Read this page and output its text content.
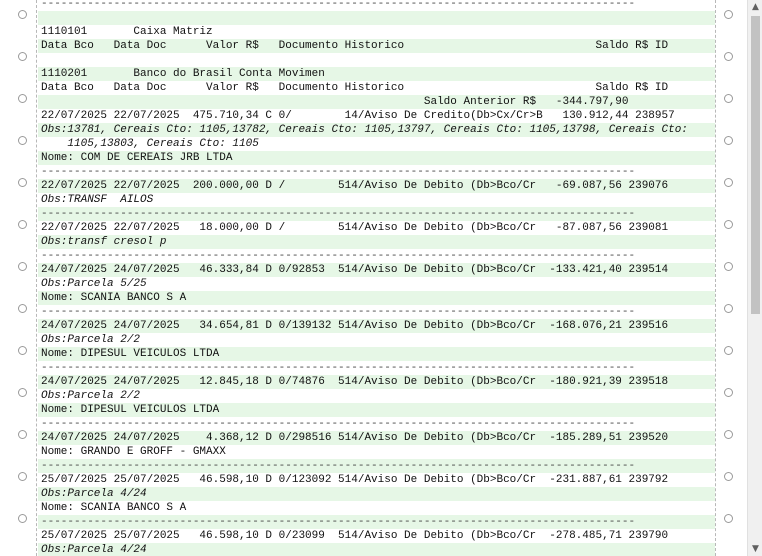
------------------------------------------------------------------------------------------
1110101       Caixa Matriz
Data Bco   Data Doc      Valor R$   Documento Historico                             Saldo R$ ID
1110201       Banco do Brasil Conta Movimen
Data Bco   Data Doc      Valor R$   Documento Historico                             Saldo R$ ID
Saldo Anterior R$   -344.797,90
22/07/2025 22/07/2025  475.710,34 C 0/        14/Aviso De Credito(Db>Cx/Cr>B   130.912,44 238957
Obs:13781, Cereais Cto: 1105,13782, Cereais Cto: 1105,13797, Cereais Cto: 1105,13798, Cereais Cto:
1105,13803, Cereais Cto: 1105
Nome: COM DE CEREAIS JRB LTDA
------------------------------------------------------------------------------------------
22/07/2025 22/07/2025  200.000,00 D /        514/Aviso De Debito (Db>Bco/Cr   -69.087,56 239076
Obs:TRANSF  AILOS
------------------------------------------------------------------------------------------
22/07/2025 22/07/2025   18.000,00 D /        514/Aviso De Debito (Db>Bco/Cr   -87.087,56 239081
Obs:transf cresol p
------------------------------------------------------------------------------------------
24/07/2025 24/07/2025   46.333,84 D 0/92853  514/Aviso De Debito (Db>Bco/Cr  -133.421,40 239514
Obs:Parcela 5/25
Nome: SCANIA BANCO S A
------------------------------------------------------------------------------------------
24/07/2025 24/07/2025   34.654,81 D 0/139132 514/Aviso De Debito (Db>Bco/Cr  -168.076,21 239516
Obs:Parcela 2/2
Nome: DIPESUL VEICULOS LTDA
------------------------------------------------------------------------------------------
24/07/2025 24/07/2025   12.845,18 D 0/74876  514/Aviso De Debito (Db>Bco/Cr  -180.921,39 239518
Obs:Parcela 2/2
Nome: DIPESUL VEICULOS LTDA
------------------------------------------------------------------------------------------
24/07/2025 24/07/2025    4.368,12 D 0/298516 514/Aviso De Debito (Db>Bco/Cr  -185.289,51 239520
Nome: GRANDO E GROFF - GMAXX
------------------------------------------------------------------------------------------
25/07/2025 25/07/2025   46.598,10 D 0/123092 514/Aviso De Debito (Db>Bco/Cr  -231.887,61 239792
Obs:Parcela 4/24
Nome: SCANIA BANCO S A
------------------------------------------------------------------------------------------
25/07/2025 25/07/2025   46.598,10 D 0/23099  514/Aviso De Debito (Db>Bco/Cr  -278.485,71 239790
Obs:Parcela 4/24
▲
▼
